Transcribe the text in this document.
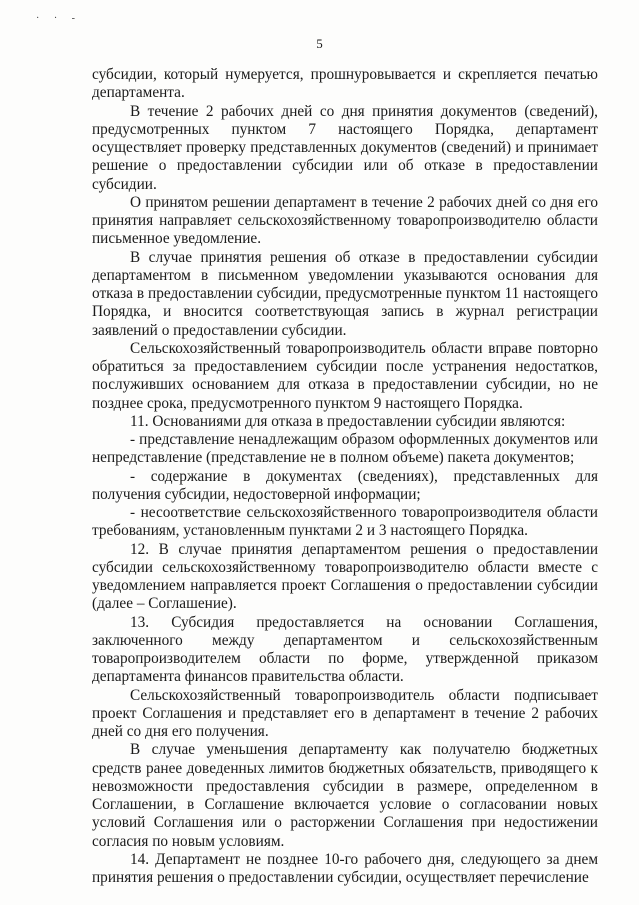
· · -
5

субсидии, который нумеруется, прошнуровывается и скрепляется печатью департамента.

В течение 2 рабочих дней со дня принятия документов (сведений), предусмотренных пунктом 7 настоящего Порядка, департамент осуществляет проверку представленных документов (сведений) и принимает решение о предоставлении субсидии или об отказе в предоставлении субсидии.

О принятом решении департамент в течение 2 рабочих дней со дня его принятия направляет сельскохозяйственному товаропроизводителю области письменное уведомление.

В случае принятия решения об отказе в предоставлении субсидии департаментом в письменном уведомлении указываются основания для отказа в предоставлении субсидии, предусмотренные пунктом 11 настоящего Порядка, и вносится соответствующая запись в журнал регистрации заявлений о предоставлении субсидии.

Сельскохозяйственный товаропроизводитель области вправе повторно обратиться за предоставлением субсидии после устранения недостатков, послуживших основанием для отказа в предоставлении субсидии, но не позднее срока, предусмотренного пунктом 9 настоящего Порядка.

11. Основаниями для отказа в предоставлении субсидии являются:

- представление ненадлежащим образом оформленных документов или непредставление (представление не в полном объеме) пакета документов;

- содержание в документах (сведениях), представленных для получения субсидии, недостоверной информации;

- несоответствие сельскохозяйственного товаропроизводителя области требованиям, установленным пунктами 2 и 3 настоящего Порядка.

12. В случае принятия департаментом решения о предоставлении субсидии сельскохозяйственному товаропроизводителю области вместе с уведомлением направляется проект Соглашения о предоставлении субсидии (далее – Соглашение).

13. Субсидия предоставляется на основании Соглашения, заключенного между департаментом и сельскохозяйственным товаропроизводителем области по форме, утвержденной приказом департамента финансов правительства области.

Сельскохозяйственный товаропроизводитель области подписывает проект Соглашения и представляет его в департамент в течение 2 рабочих дней со дня его получения.

В случае уменьшения департаменту как получателю бюджетных средств ранее доведенных лимитов бюджетных обязательств, приводящего к невозможности предоставления субсидии в размере, определенном в Соглашении, в Соглашение включается условие о согласовании новых условий Соглашения или о расторжении Соглашения при недостижении согласия по новым условиям.

14. Департамент не позднее 10-го рабочего дня, следующего за днем принятия решения о предоставлении субсидии, осуществляет перечисление
